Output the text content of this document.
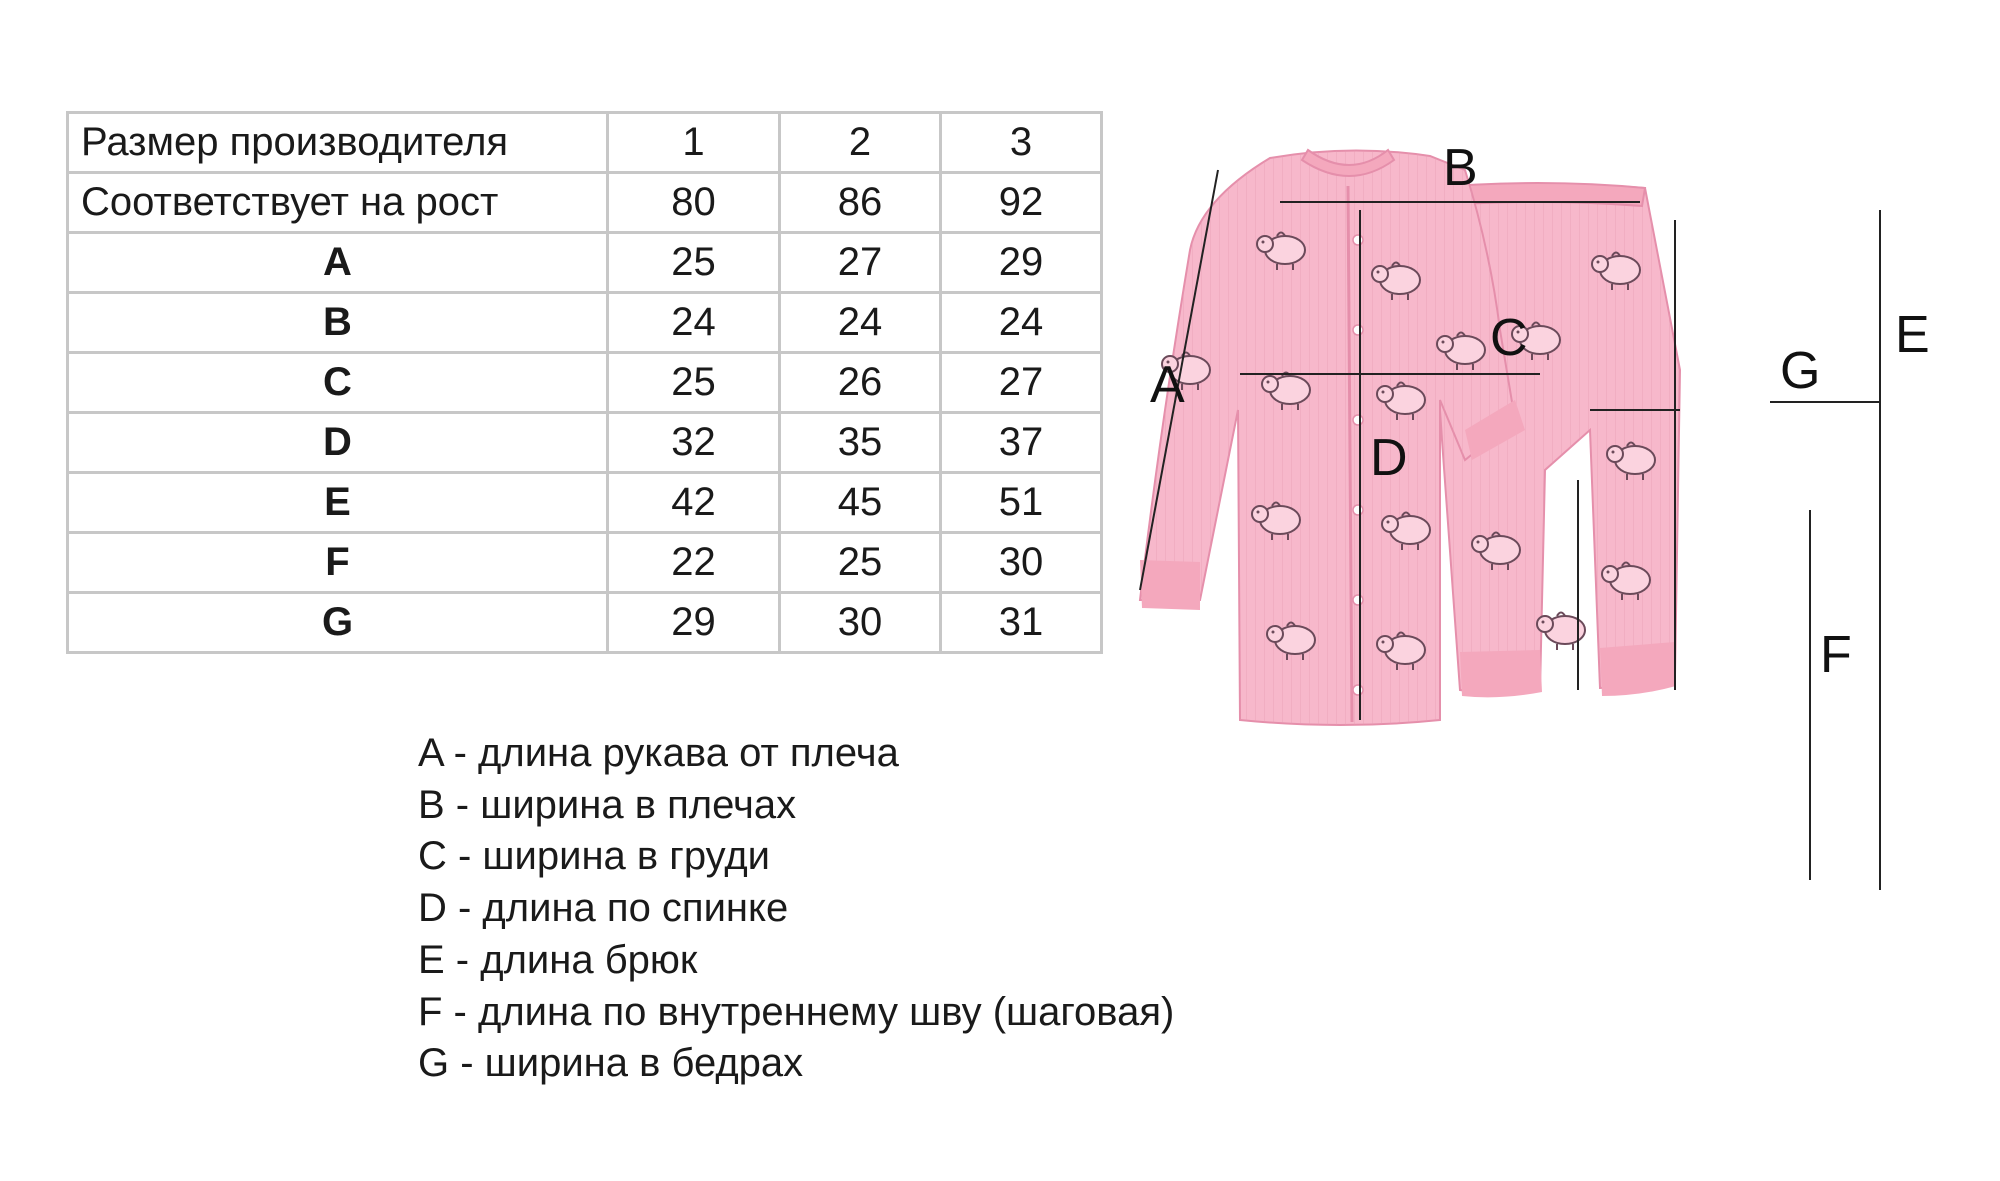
Размер производителя	1	2	3
Соответствует на рост	80	86	92
A	25	27	29
B	24	24	24
C	25	26	27
D	32	35	37
E	42	45	51
F	22	25	30
G	29	30	31
A - длина рукава от плеча
B - ширина в плечах
C - ширина в груди
D - длина по спинке
E - длина брюк
F - длина по внутреннему шву (шаговая)
G - ширина в бедрах
A
B
C
D
E
F
G
